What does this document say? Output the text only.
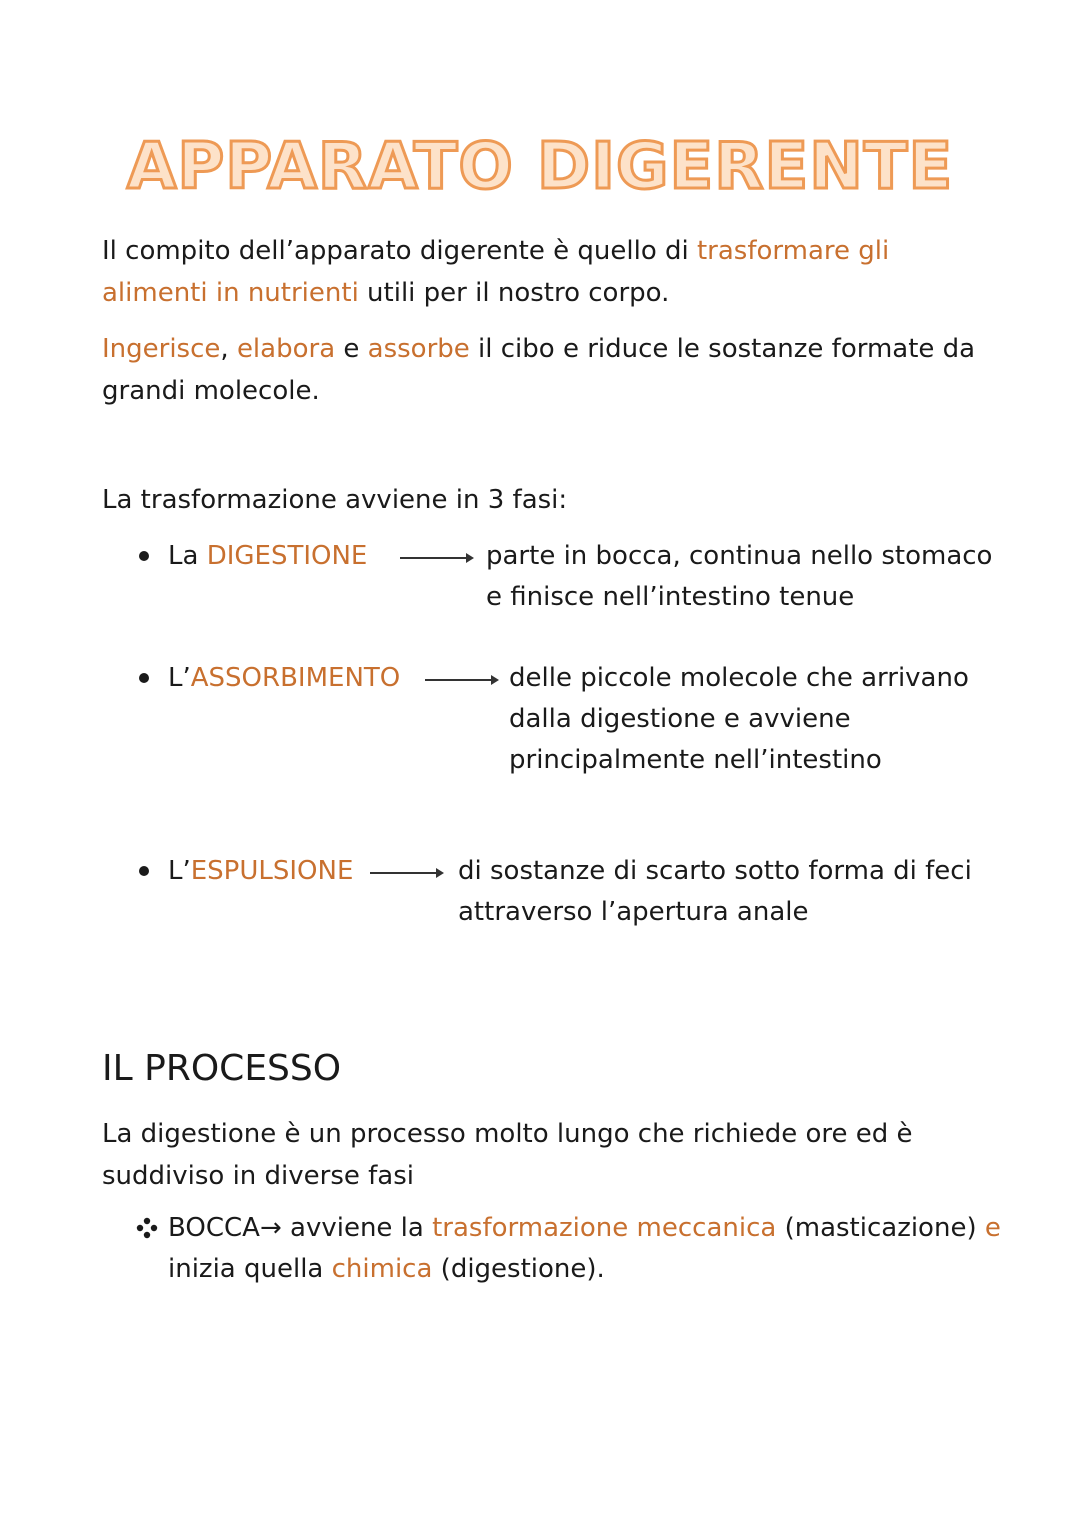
APPARATO DIGERENTE

Il compito dell’apparato digerente è quello di trasformare gli alimenti in nutrienti utili per il nostro corpo.

Ingerisce, elabora e assorbe il cibo e riduce le sostanze formate da grandi molecole.

La trasformazione avviene in 3 fasi:

La DIGESTIONE	parte in bocca, continua nello stomaco
e finisce nell’intestino tenue
L’ASSORBIMENTO	delle piccole molecole che arrivano
dalla digestione e avviene
principalmente nell’intestino
L’ESPULSIONE	di sostanze di scarto sotto forma di feci
attraverso l’apertura anale
IL PROCESSO

La digestione è un processo molto lungo che richiede ore ed è suddiviso in diverse fasi

BOCCA→ avviene la trasformazione meccanica (masticazione) e
inizia quella chimica (digestione).
